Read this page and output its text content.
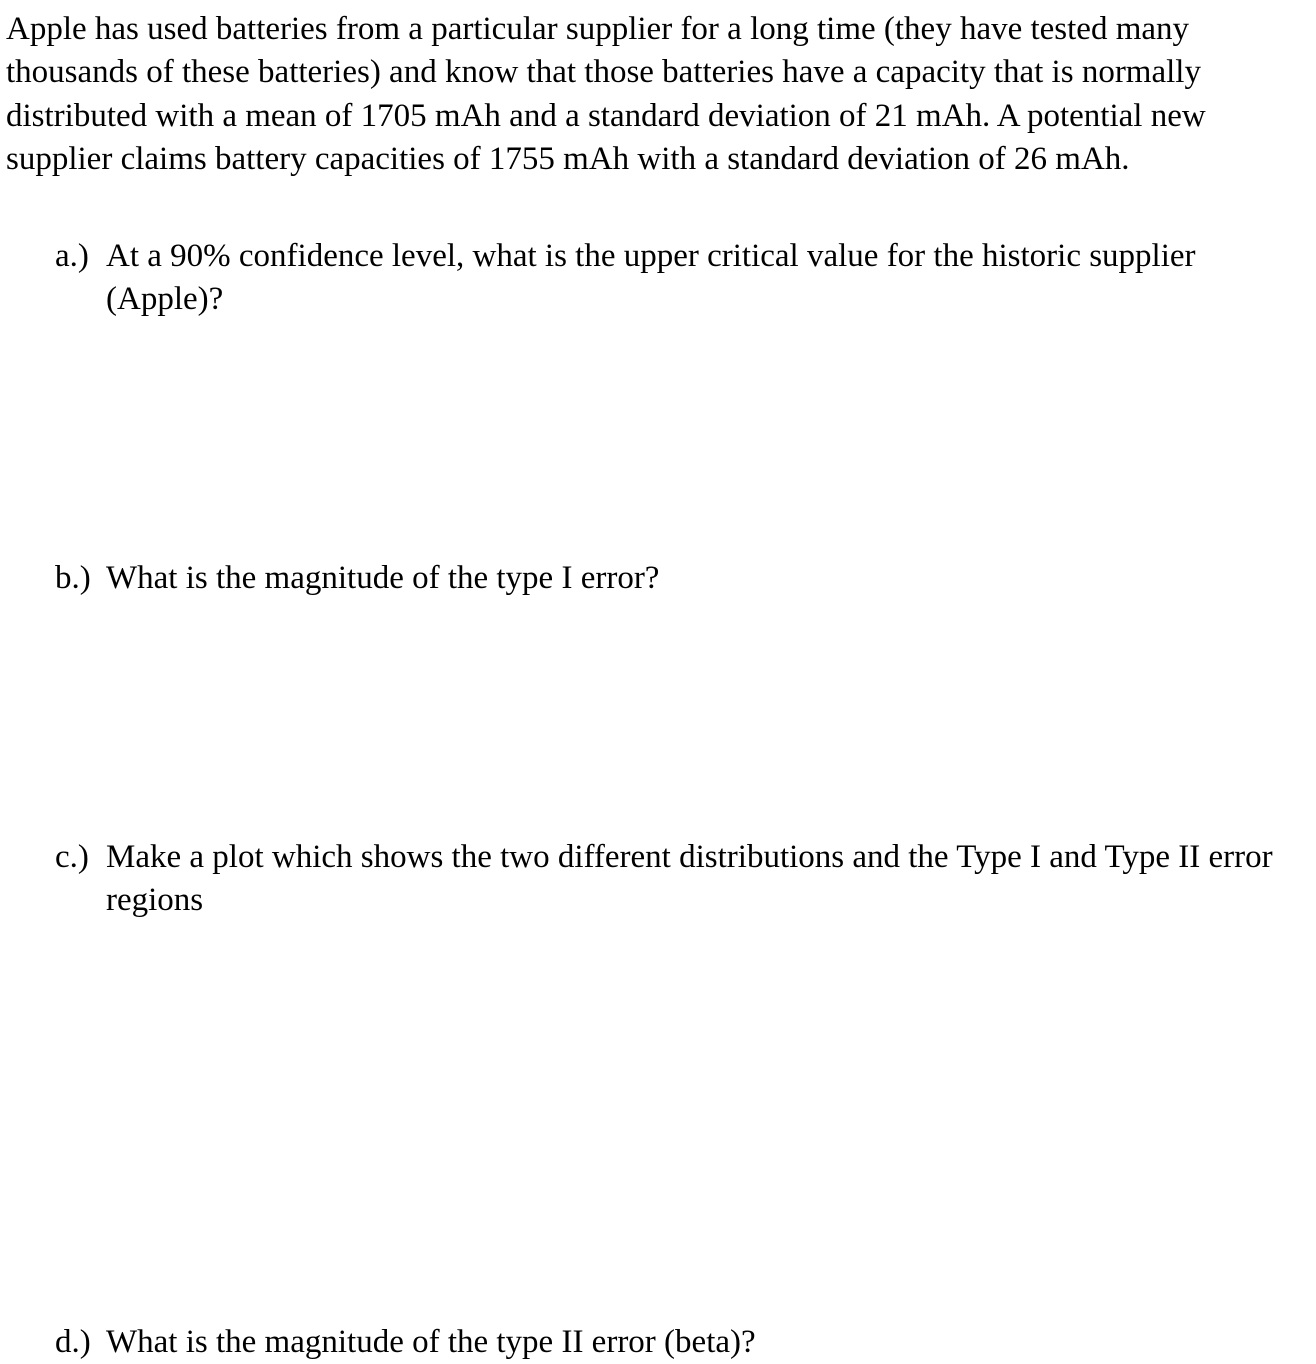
Apple has used batteries from a particular supplier for a long time (they have tested many thousands of these batteries) and know that those batteries have a capacity that is normally distributed with a mean of 1705 mAh and a standard deviation of 21 mAh. A potential new supplier claims battery capacities of 1755 mAh with a standard deviation of 26 mAh.

a.) At a 90% confidence level, what is the upper critical value for the historic supplier (Apple)?
b.) What is the magnitude of the type I error?
c.) Make a plot which shows the two different distributions and the Type I and Type II error regions
d.) What is the magnitude of the type II error (beta)?
